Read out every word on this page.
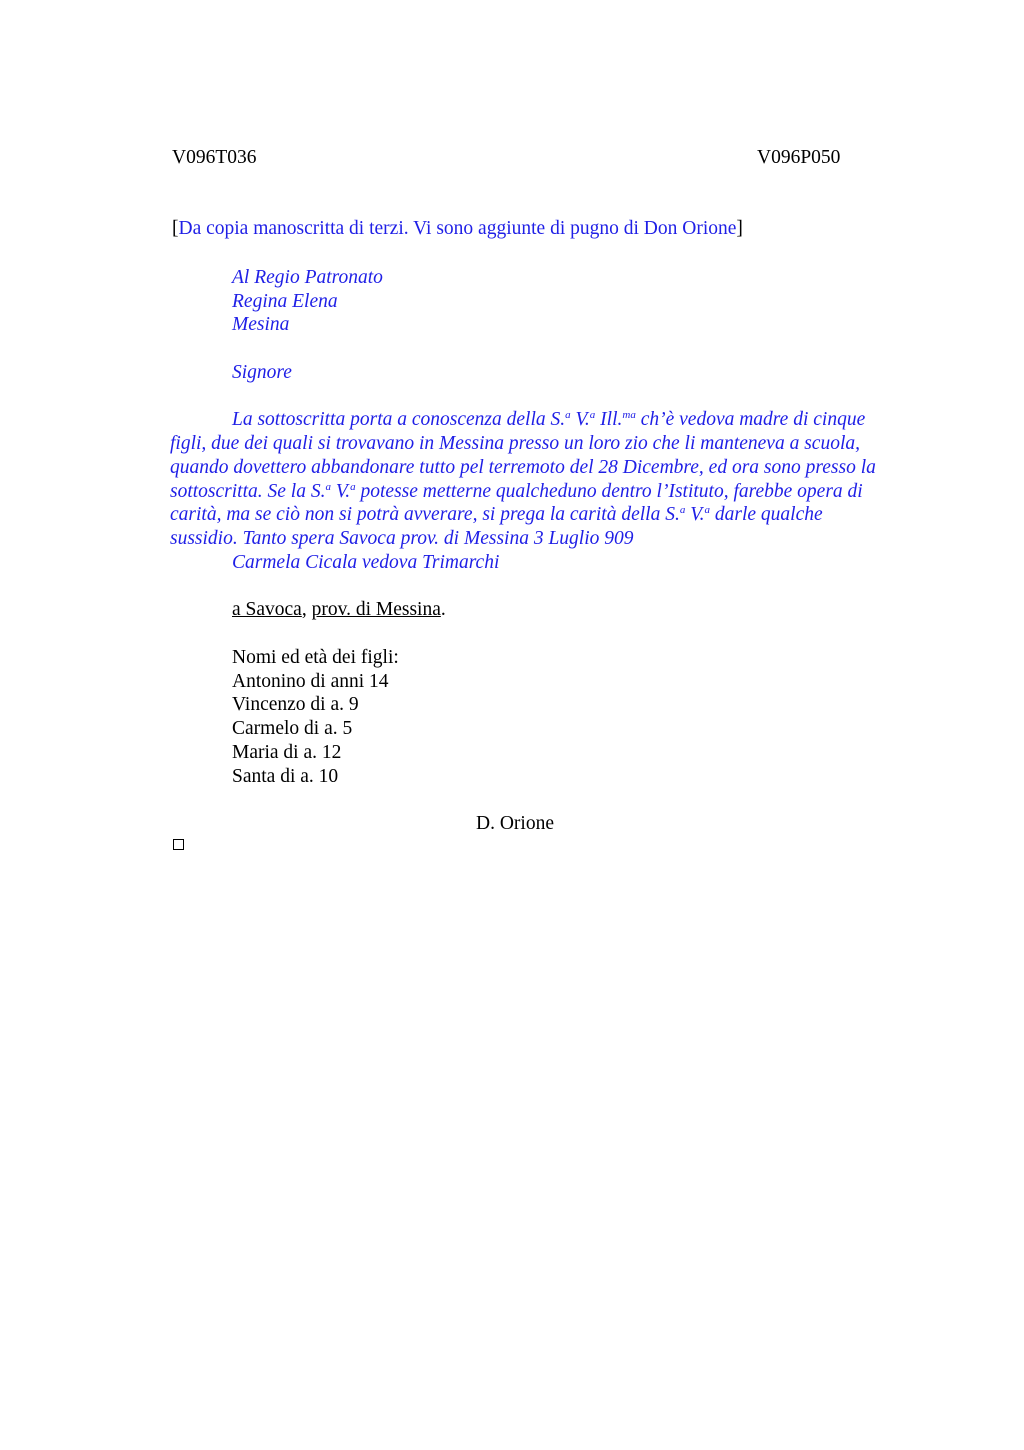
V096T036	V096P050
[Da copia manoscritta di terzi. Vi sono aggiunte di pugno di Don Orione]
Al Regio Patronato
Regina Elena
Mesina
Signore
La sottoscritta porta a conoscenza della S.$^a$ V.$^a$ Ill.$^{ma}$ ch’è vedova madre di cinque
figli, due dei quali si trovavano in Messina presso un loro zio che li manteneva a scuola,
quando dovettero abbandonare tutto pel terremoto del 28 Dicembre, ed ora sono presso la
sottoscritta. Se la S.$^a$ V.$^a$ potesse metterne qualcheduno dentro l’Istituto, farebbe opera di
carità, ma se ciò non si potrà avverare, si prega la carità della S.$^a$ V.$^a$ darle qualche
sussidio. Tanto spera Savoca prov. di Messina 3 Luglio 909
Carmela Cicala vedova Trimarchi
a Savoca, prov. di Messina.
Nomi ed età dei figli:
Antonino di anni 14
Vincenzo di a. 9
Carmelo di a. 5
Maria di a. 12
Santa di a. 10
D. Orione
